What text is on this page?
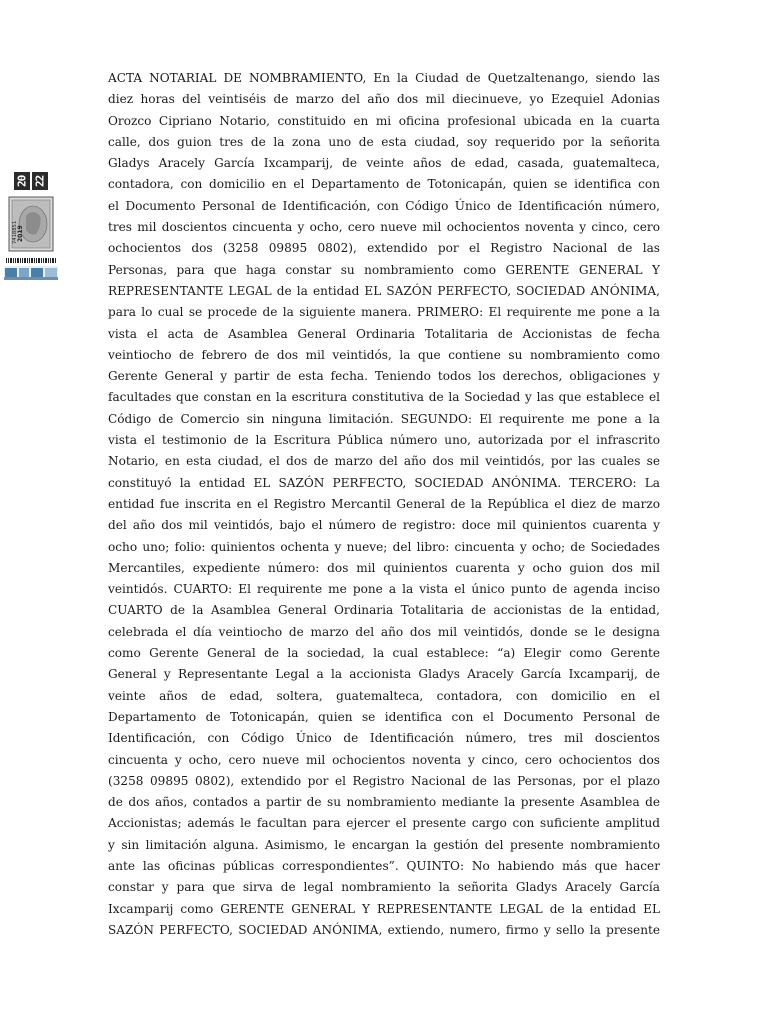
20 22
7418851 2019
ACTA NOTARIAL DE NOMBRAMIENTO, En la Ciudad de Quetzaltenango, siendo las
diez horas del veintiséis de marzo del año dos mil diecinueve, yo Ezequiel Adonias
Orozco Cipriano Notario, constituido en mi oficina profesional ubicada en la cuarta
calle, dos guion tres de la zona uno de esta ciudad, soy requerido por la señorita
Gladys Aracely García Ixcamparij, de veinte años de edad, casada, guatemalteca,
contadora, con domicilio en el Departamento de Totonicapán, quien se identifica con
el Documento Personal de Identificación, con Código Único de Identificación número,
tres mil doscientos cincuenta y ocho, cero nueve mil ochocientos noventa y cinco, cero
ochocientos dos (3258 09895 0802), extendido por el Registro Nacional de las
Personas, para que haga constar su nombramiento como GERENTE GENERAL Y
REPRESENTANTE LEGAL de la entidad EL SAZÓN PERFECTO, SOCIEDAD ANÓNIMA,
para lo cual se procede de la siguiente manera. PRIMERO: El requirente me pone a la
vista el acta de Asamblea General Ordinaria Totalitaria de Accionistas de fecha
veintiocho de febrero de dos mil veintidós, la que contiene su nombramiento como
Gerente General y partir de esta fecha. Teniendo todos los derechos, obligaciones y
facultades que constan en la escritura constitutiva de la Sociedad y las que establece el
Código de Comercio sin ninguna limitación. SEGUNDO: El requirente me pone a la
vista el testimonio de la Escritura Pública número uno, autorizada por el infrascrito
Notario, en esta ciudad, el dos de marzo del año dos mil veintidós, por las cuales se
constituyó la entidad EL SAZÓN PERFECTO, SOCIEDAD ANÓNIMA. TERCERO: La
entidad fue inscrita en el Registro Mercantil General de la República el diez de marzo
del año dos mil veintidós, bajo el número de registro: doce mil quinientos cuarenta y
ocho uno; folio: quinientos ochenta y nueve; del libro: cincuenta y ocho; de Sociedades
Mercantiles, expediente número: dos mil quinientos cuarenta y ocho guion dos mil
veintidós. CUARTO: El requirente me pone a la vista el único punto de agenda inciso
CUARTO de la Asamblea General Ordinaria Totalitaria de accionistas de la entidad,
celebrada el día veintiocho de marzo del año dos mil veintidós, donde se le designa
como Gerente General de la sociedad, la cual establece: “a) Elegir como Gerente
General y Representante Legal a la accionista Gladys Aracely García Ixcamparij, de
veinte años de edad, soltera, guatemalteca, contadora, con domicilio en el
Departamento de Totonicapán, quien se identifica con el Documento Personal de
Identificación, con Código Único de Identificación número, tres mil doscientos
cincuenta y ocho, cero nueve mil ochocientos noventa y cinco, cero ochocientos dos
(3258 09895 0802), extendido por el Registro Nacional de las Personas, por el plazo
de dos años, contados a partir de su nombramiento mediante la presente Asamblea de
Accionistas; además le facultan para ejercer el presente cargo con suficiente amplitud
y sin limitación alguna. Asimismo, le encargan la gestión del presente nombramiento
ante las oficinas públicas correspondientes”. QUINTO: No habiendo más que hacer
constar y para que sirva de legal nombramiento la señorita Gladys Aracely García
Ixcamparij como GERENTE GENERAL Y REPRESENTANTE LEGAL de la entidad EL
SAZÓN PERFECTO, SOCIEDAD ANÓNIMA, extiendo, numero, firmo y sello la presente
